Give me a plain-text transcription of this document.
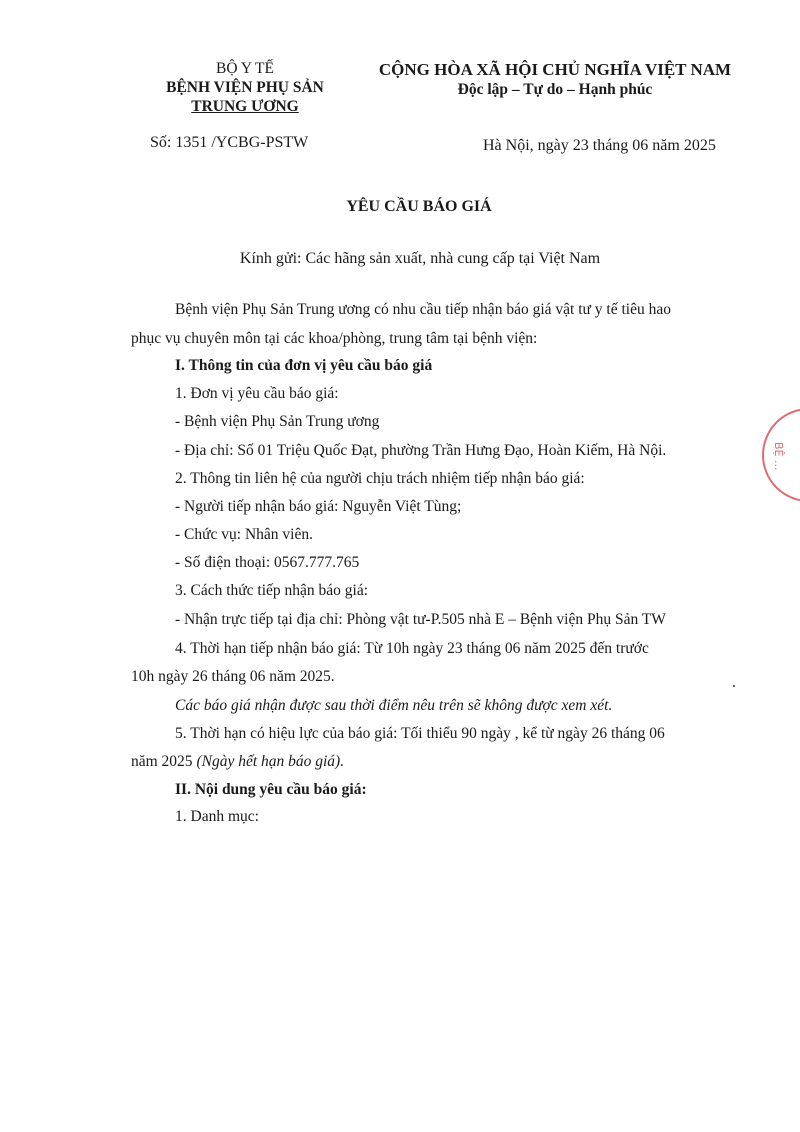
BỘ Y TẾ
BỆNH VIỆN PHỤ SẢN
TRUNG ƯƠNG
Số: 1351 /YCBG-PSTW
CỘNG HÒA XÃ HỘI CHỦ NGHĨA VIỆT NAM
Độc lập – Tự do – Hạnh phúc
Hà Nội, ngày 23 tháng 06 năm 2025
YÊU CẦU BÁO GIÁ
Kính gửi: Các hãng sản xuất, nhà cung cấp tại Việt Nam
Bệnh viện Phụ Sản Trung ương có nhu cầu tiếp nhận báo giá vật tư y tế tiêu hao
phục vụ chuyên môn tại các khoa/phòng, trung tâm tại bệnh viện:
I. Thông tin của đơn vị yêu cầu báo giá
1. Đơn vị yêu cầu báo giá:
- Bệnh viện Phụ Sản Trung ương
- Địa chỉ: Số 01 Triệu Quốc Đạt, phường Trần Hưng Đạo, Hoàn Kiếm, Hà Nội.
2. Thông tin liên hệ của người chịu trách nhiệm tiếp nhận báo giá:
- Người tiếp nhận báo giá: Nguyễn Việt Tùng;
- Chức vụ: Nhân viên.
- Số điện thoại: 0567.777.765
3. Cách thức tiếp nhận báo giá:
- Nhận trực tiếp tại địa chỉ: Phòng vật tư-P.505 nhà E – Bệnh viện Phụ Sản TW
4. Thời hạn tiếp nhận báo giá: Từ 10h ngày 23 tháng 06 năm 2025 đến trước
10h ngày 26 tháng 06 năm 2025.
Các báo giá nhận được sau thời điểm nêu trên sẽ không được xem xét.
5. Thời hạn có hiệu lực của báo giá: Tối thiểu 90 ngày , kể từ ngày 26 tháng 06
năm 2025 (Ngày hết hạn báo giá).
II. Nội dung yêu cầu báo giá:
1. Danh mục:
BỆ ...
